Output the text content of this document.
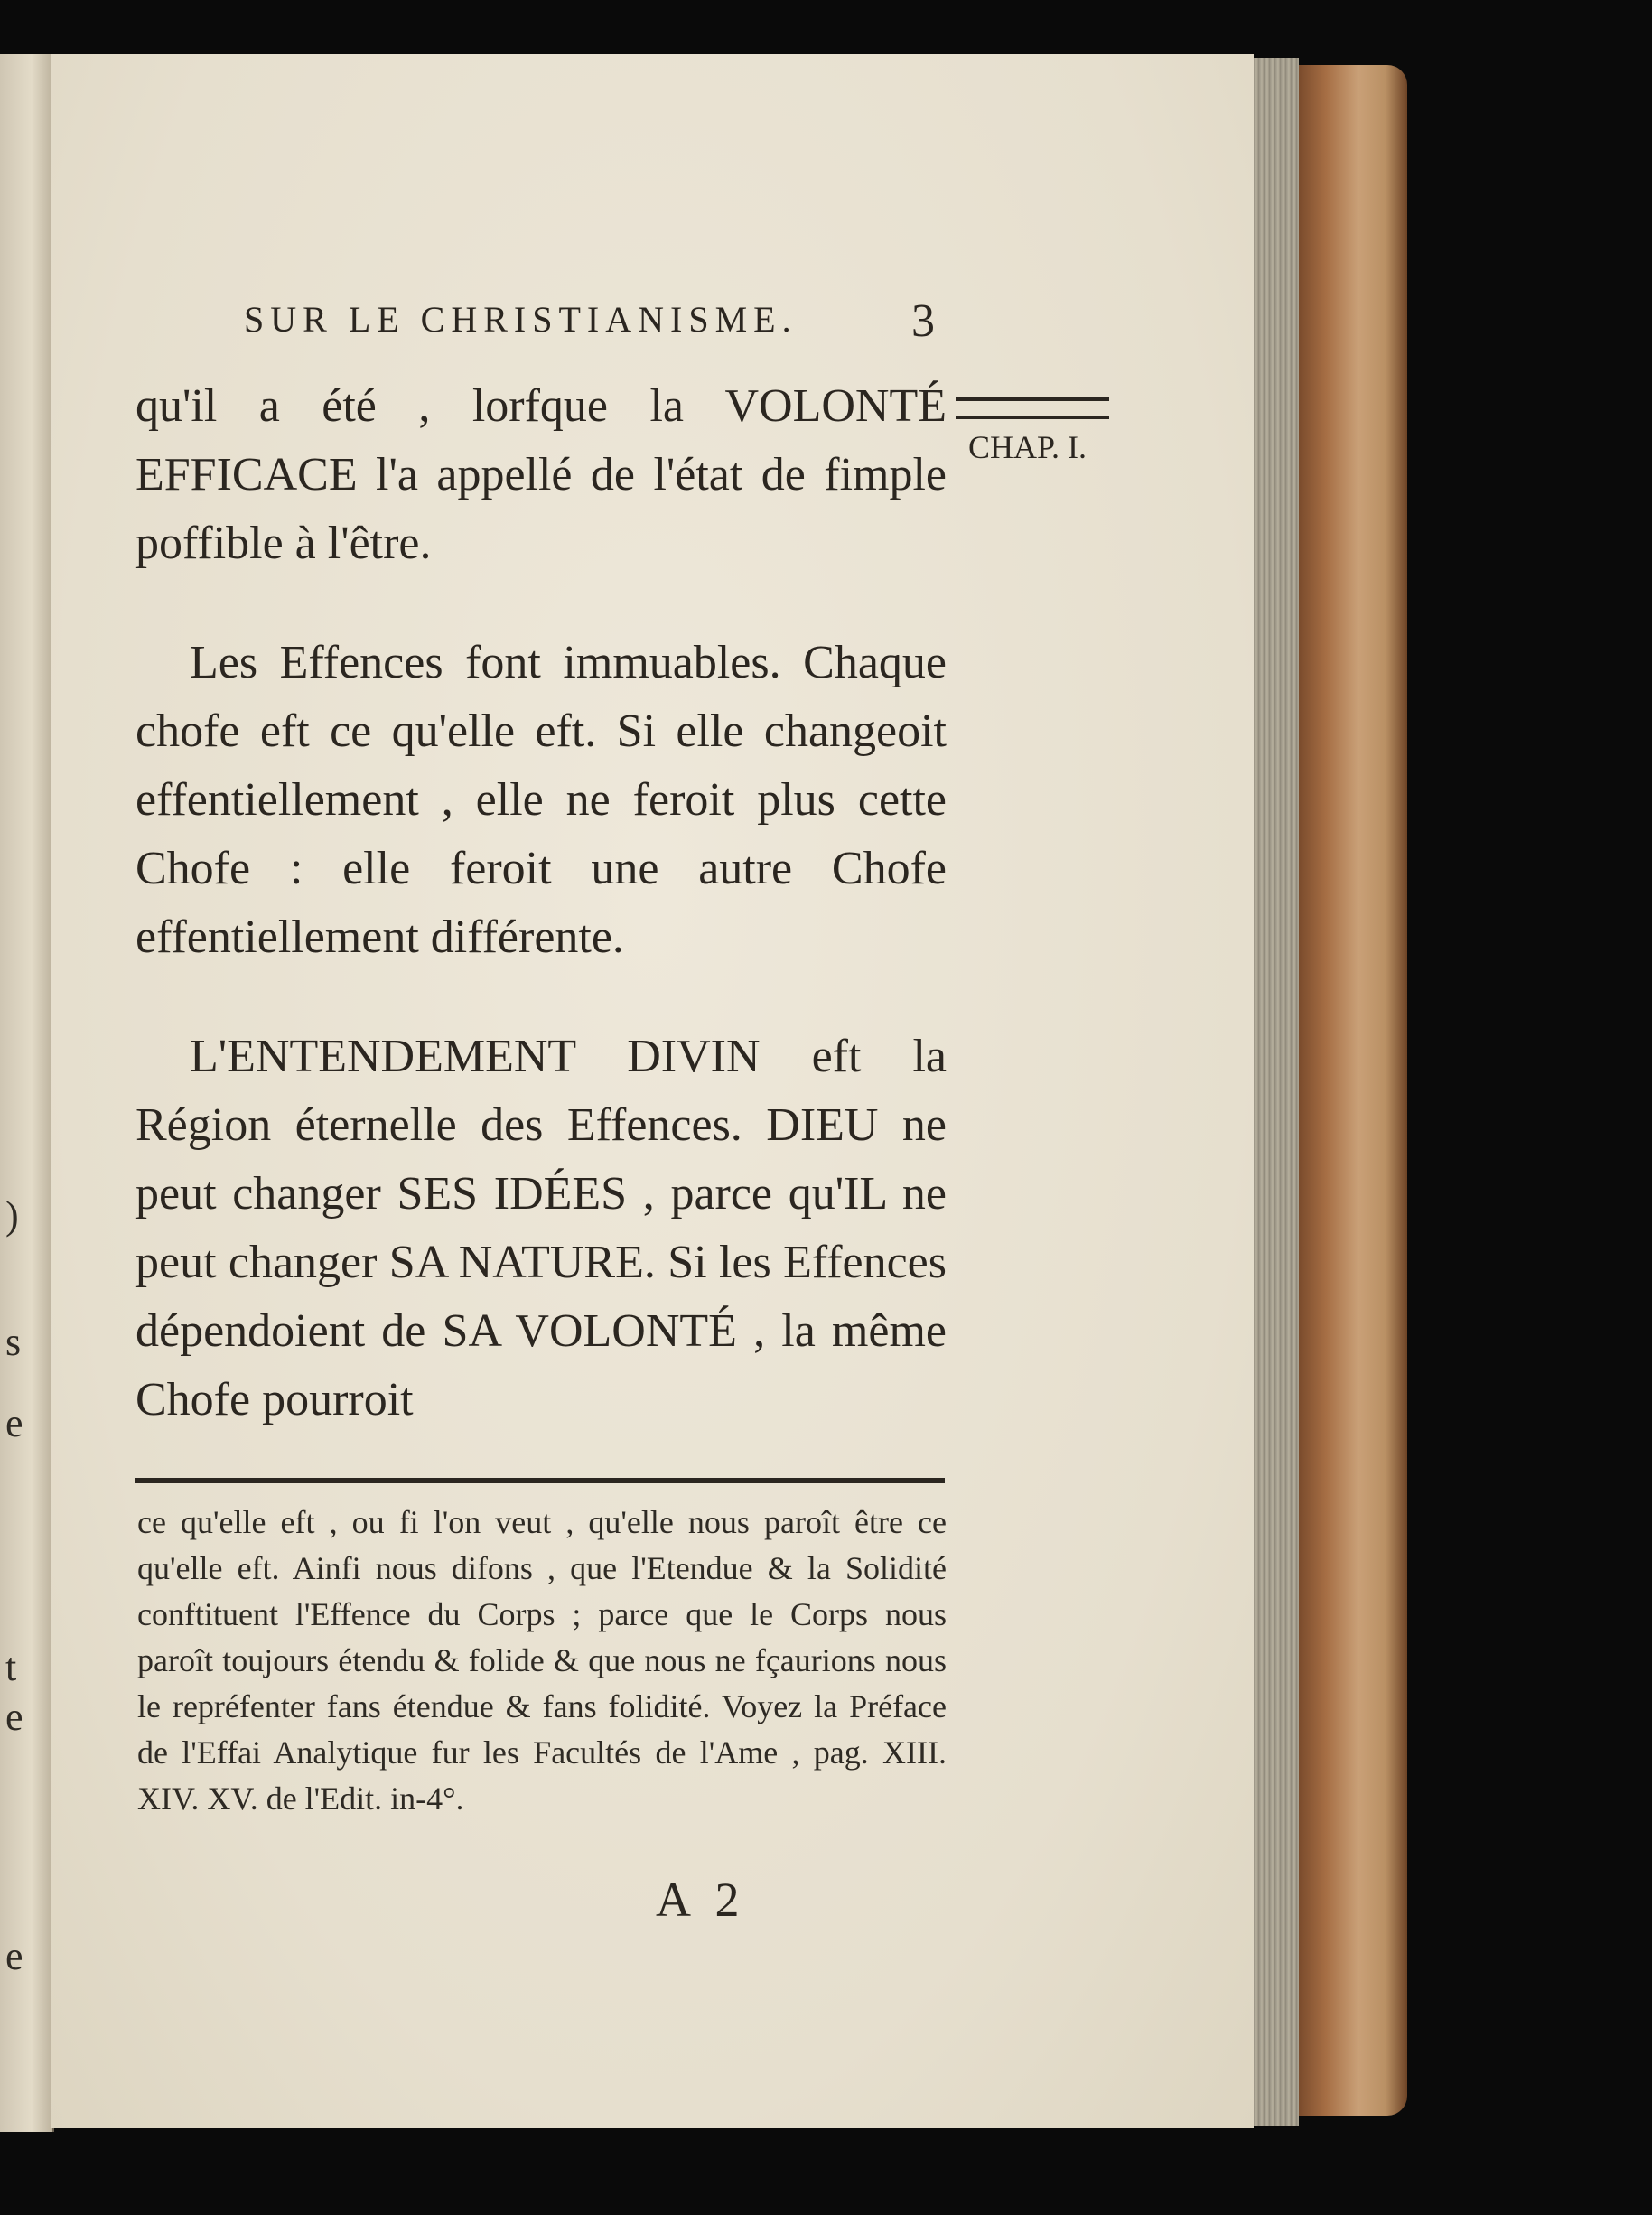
)
s
e
t
e
e
SUR LE CHRISTIANISME. 3
CHAP. I.

qu'il a été , lorfque la VOLONTÉ EFFICACE l'a appellé de l'état de fimple poffible à l'être.

Les Effences font immuables. Chaque chofe eft ce qu'elle eft. Si elle changeoit effentiellement , elle ne feroit plus cette Chofe : elle feroit une autre Chofe effentiellement différente.

L'ENTENDEMENT DIVIN eft la Région éternelle des Effences. DIEU ne peut changer SES IDÉES , parce qu'IL ne peut changer SA NATURE. Si les Effences dépendoient de SA VOLONTÉ , la même Chofe pourroit

ce qu'elle eft , ou fi l'on veut , qu'elle nous paroît être ce qu'elle eft. Ainfi nous difons , que l'Etendue & la Solidité conftituent l'Effence du Corps ; parce que le Corps nous paroît toujours étendu & folide & que nous ne fçaurions nous le repréfenter fans étendue & fans folidité. Voyez la Préface de l'Effai Analytique fur les Facultés de l'Ame , pag. XIII. XIV. XV. de l'Edit. in-4°.

A 2
